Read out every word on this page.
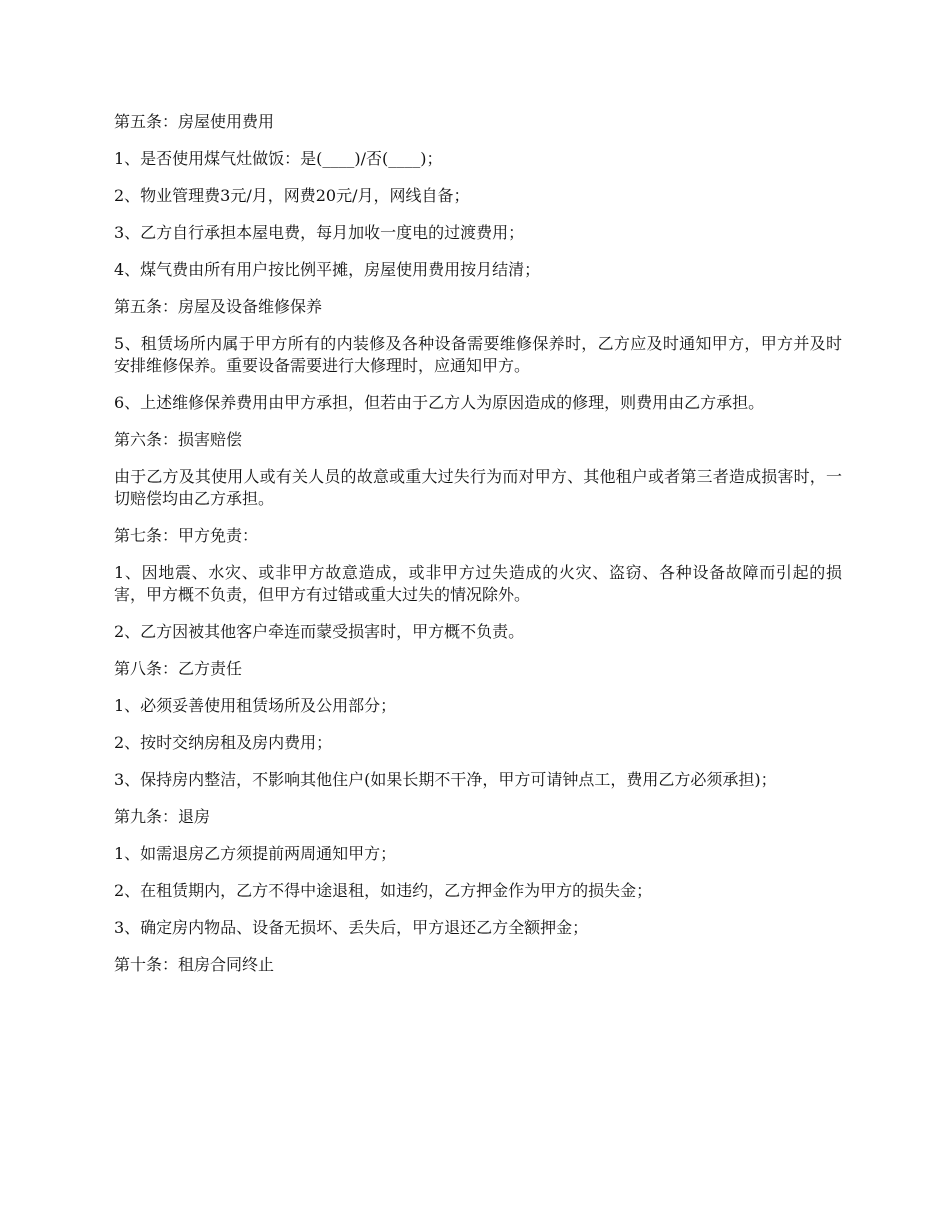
第五条：房屋使用费用

1、是否使用煤气灶做饭：是(____)/否(____)；

2、物业管理费3元/月，网费20元/月，网线自备；

3、乙方自行承担本屋电费，每月加收一度电的过渡费用；

4、煤气费由所有用户按比例平摊，房屋使用费用按月结清；

第五条：房屋及设备维修保养

5、租赁场所内属于甲方所有的内装修及各种设备需要维修保养时，乙方应及时通知甲方，甲方并及时安排维修保养。重要设备需要进行大修理时，应通知甲方。

6、上述维修保养费用由甲方承担，但若由于乙方人为原因造成的修理，则费用由乙方承担。

第六条：损害赔偿

由于乙方及其使用人或有关人员的故意或重大过失行为而对甲方、其他租户或者第三者造成损害时，一切赔偿均由乙方承担。

第七条：甲方免责：

1、因地震、水灾、或非甲方故意造成，或非甲方过失造成的火灾、盗窃、各种设备故障而引起的损害，甲方概不负责，但甲方有过错或重大过失的情况除外。

2、乙方因被其他客户牵连而蒙受损害时，甲方概不负责。

第八条：乙方责任

1、必须妥善使用租赁场所及公用部分；

2、按时交纳房租及房内费用；

3、保持房内整洁，不影响其他住户(如果长期不干净，甲方可请钟点工，费用乙方必须承担)；

第九条：退房

1、如需退房乙方须提前两周通知甲方；

2、在租赁期内，乙方不得中途退租，如违约，乙方押金作为甲方的损失金；

3、确定房内物品、设备无损坏、丢失后，甲方退还乙方全额押金；

第十条：租房合同终止
